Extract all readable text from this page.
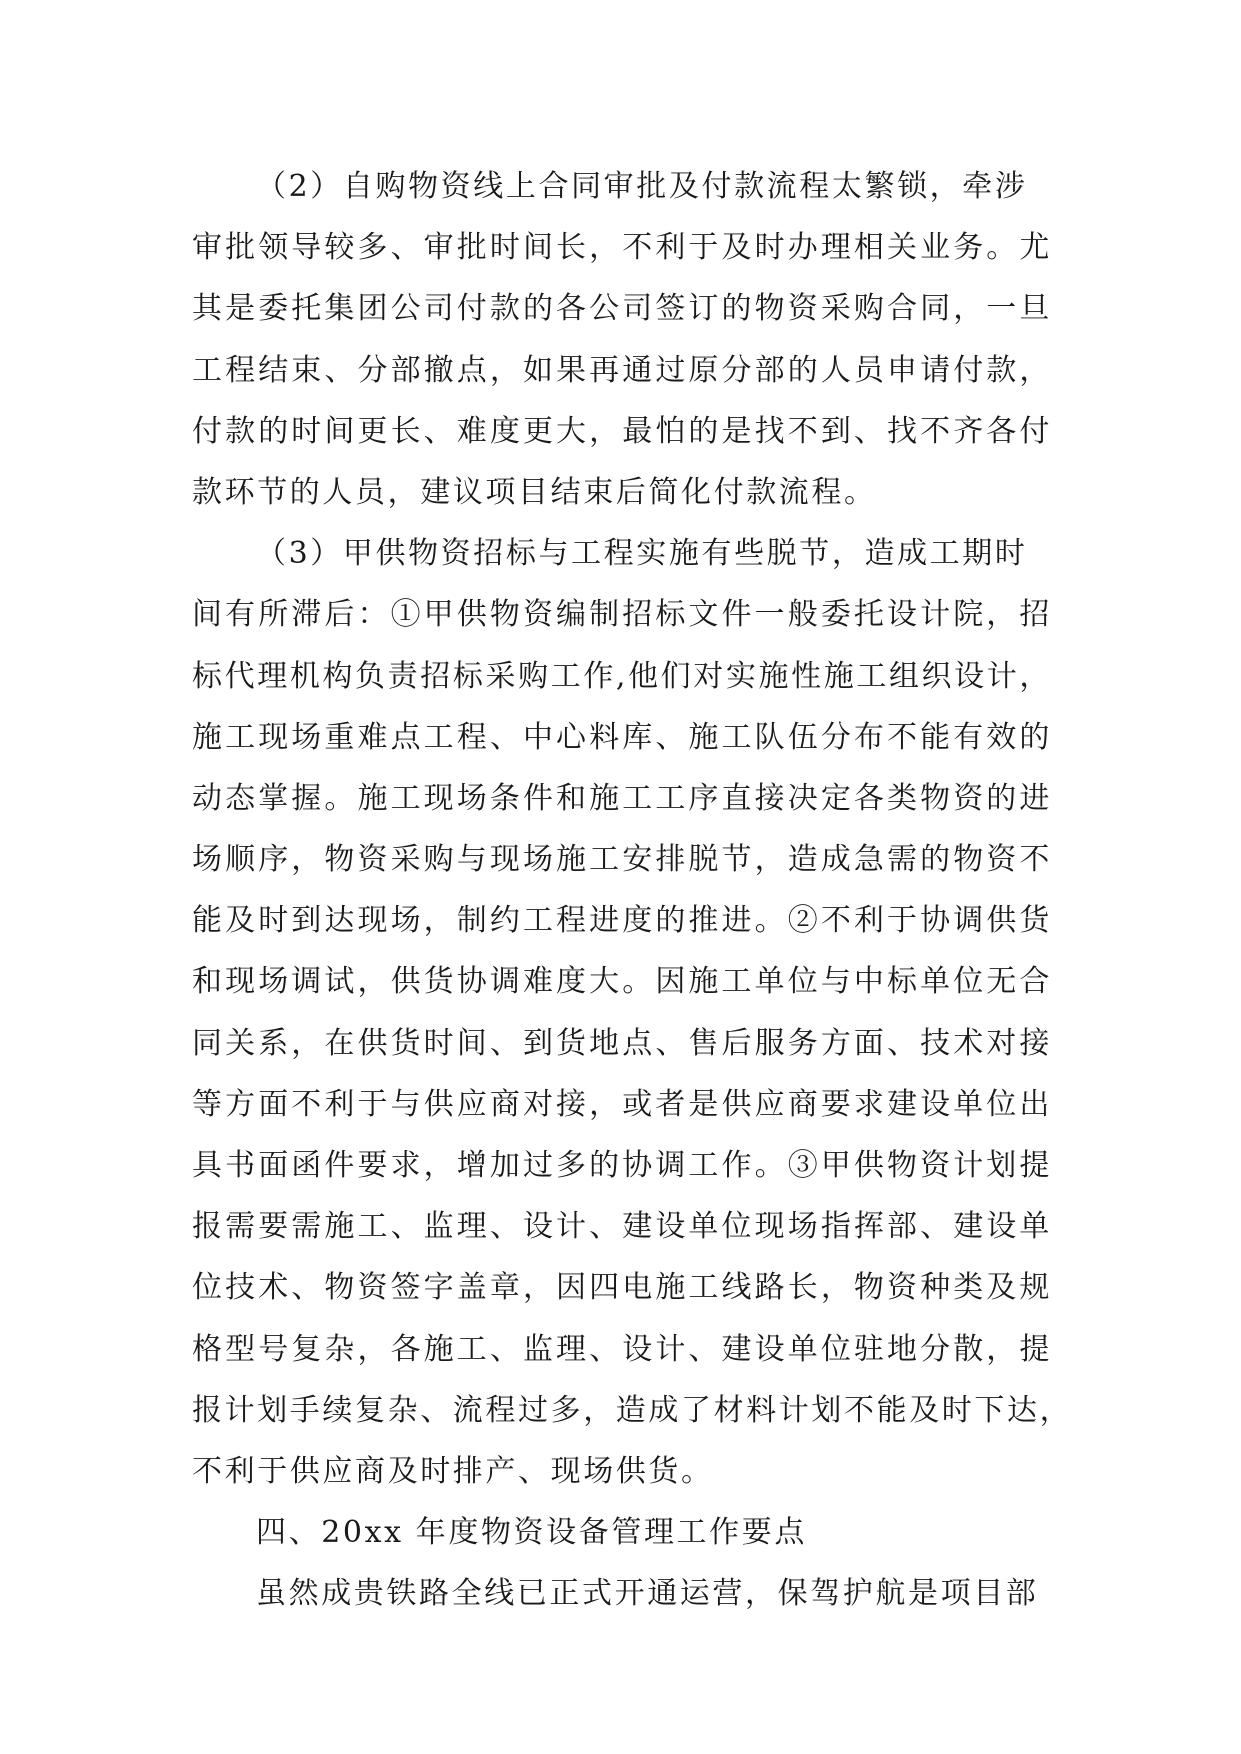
（2）自购物资线上合同审批及付款流程太繁锁，牵涉
审批领导较多、审批时间长，不利于及时办理相关业务。尤
其是委托集团公司付款的各公司签订的物资采购合同，一旦
工程结束、分部撤点，如果再通过原分部的人员申请付款，
付款的时间更长、难度更大，最怕的是找不到、找不齐各付
款环节的人员，建议项目结束后简化付款流程。
（3）甲供物资招标与工程实施有些脱节，造成工期时
间有所滞后：①甲供物资编制招标文件一般委托设计院，招
标代理机构负责招标采购工作,他们对实施性施工组织设计，
施工现场重难点工程、中心料库、施工队伍分布不能有效的
动态掌握。施工现场条件和施工工序直接决定各类物资的进
场顺序，物资采购与现场施工安排脱节，造成急需的物资不
能及时到达现场，制约工程进度的推进。②不利于协调供货
和现场调试，供货协调难度大。因施工单位与中标单位无合
同关系，在供货时间、到货地点、售后服务方面、技术对接
等方面不利于与供应商对接，或者是供应商要求建设单位出
具书面函件要求，增加过多的协调工作。③甲供物资计划提
报需要需施工、监理、设计、建设单位现场指挥部、建设单
位技术、物资签字盖章，因四电施工线路长，物资种类及规
格型号复杂，各施工、监理、设计、建设单位驻地分散，提
报计划手续复杂、流程过多，造成了材料计划不能及时下达，
不利于供应商及时排产、现场供货。
四、20xx 年度物资设备管理工作要点
虽然成贵铁路全线已正式开通运营，保驾护航是项目部
